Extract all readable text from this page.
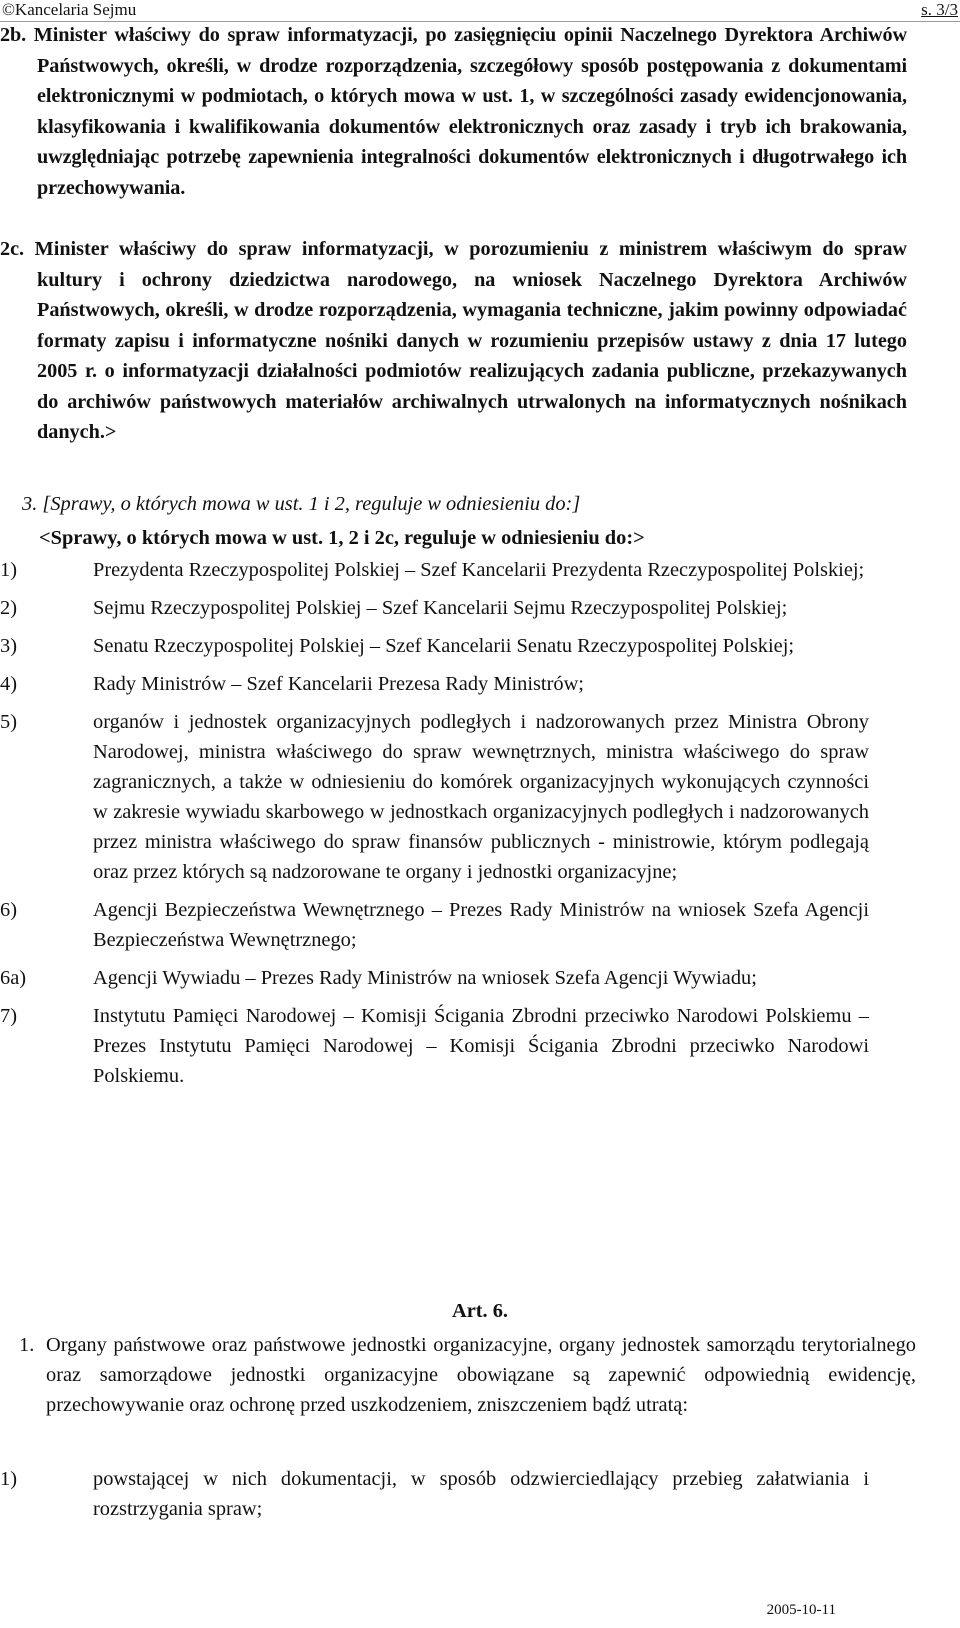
©Kancelaria Sejmu	s. 3/3
2b. Minister właściwy do spraw informatyzacji, po zasięgnięciu opinii Naczelnego Dyrektora Archiwów Państwowych, określi, w drodze rozporządzenia, szczegółowy sposób postępowania z dokumentami elektronicznymi w podmiotach, o których mowa w ust. 1, w szczególności zasady ewidencjonowania, klasyfikowania i kwalifikowania dokumentów elektronicznych oraz zasady i tryb ich brakowania, uwzględniając potrzebę zapewnienia integralności dokumentów elektronicznych i długotrwałego ich przechowywania.
2c. Minister właściwy do spraw informatyzacji, w porozumieniu z ministrem właściwym do spraw kultury i ochrony dziedzictwa narodowego, na wniosek Naczelnego Dyrektora Archiwów Państwowych, określi, w drodze rozporządzenia, wymagania techniczne, jakim powinny odpowiadać formaty zapisu i informatyczne nośniki danych w rozumieniu przepisów ustawy z dnia 17 lutego 2005 r. o informatyzacji działalności podmiotów realizujących zadania publiczne, przekazywanych do archiwów państwowych materiałów archiwalnych utrwalonych na informatycznych nośnikach danych.>
3. [Sprawy, o których mowa w ust. 1 i 2, reguluje w odniesieniu do:]
<Sprawy, o których mowa w ust. 1, 2 i 2c, reguluje w odniesieniu do:>
1)	Prezydenta Rzeczypospolitej Polskiej – Szef Kancelarii Prezydenta Rzeczypospolitej Polskiej;
2)	Sejmu Rzeczypospolitej Polskiej – Szef Kancelarii Sejmu Rzeczypospolitej Polskiej;
3)	Senatu Rzeczypospolitej Polskiej – Szef Kancelarii Senatu Rzeczypospolitej Polskiej;
4)	Rady Ministrów – Szef Kancelarii Prezesa Rady Ministrów;
5)	organów i jednostek organizacyjnych podległych i nadzorowanych przez Ministra Obrony Narodowej, ministra właściwego do spraw wewnętrznych, ministra właściwego do spraw zagranicznych, a także w odniesieniu do komórek organizacyjnych wykonujących czynności w zakresie wywiadu skarbowego w jednostkach organizacyjnych podległych i nadzorowanych przez ministra właściwego do spraw finansów publicznych - ministrowie, którym podlegają oraz przez których są nadzorowane te organy i jednostki organizacyjne;
6)	Agencji Bezpieczeństwa Wewnętrznego – Prezes Rady Ministrów na wniosek Szefa Agencji Bezpieczeństwa Wewnętrznego;
6a)	Agencji Wywiadu – Prezes Rady Ministrów na wniosek Szefa Agencji Wywiadu;
7)	Instytutu Pamięci Narodowej – Komisji Ścigania Zbrodni przeciwko Narodowi Polskiemu – Prezes Instytutu Pamięci Narodowej – Komisji Ścigania Zbrodni przeciwko Narodowi Polskiemu.
Art. 6.
1. Organy państwowe oraz państwowe jednostki organizacyjne, organy jednostek samorządu terytorialnego oraz samorządowe jednostki organizacyjne obowiązane są zapewnić odpowiednią ewidencję, przechowywanie oraz ochronę przed uszkodzeniem, zniszczeniem bądź utratą:
1)	powstającej w nich dokumentacji, w sposób odzwierciedlający przebieg załatwiania i rozstrzygania spraw;
2005-10-11
